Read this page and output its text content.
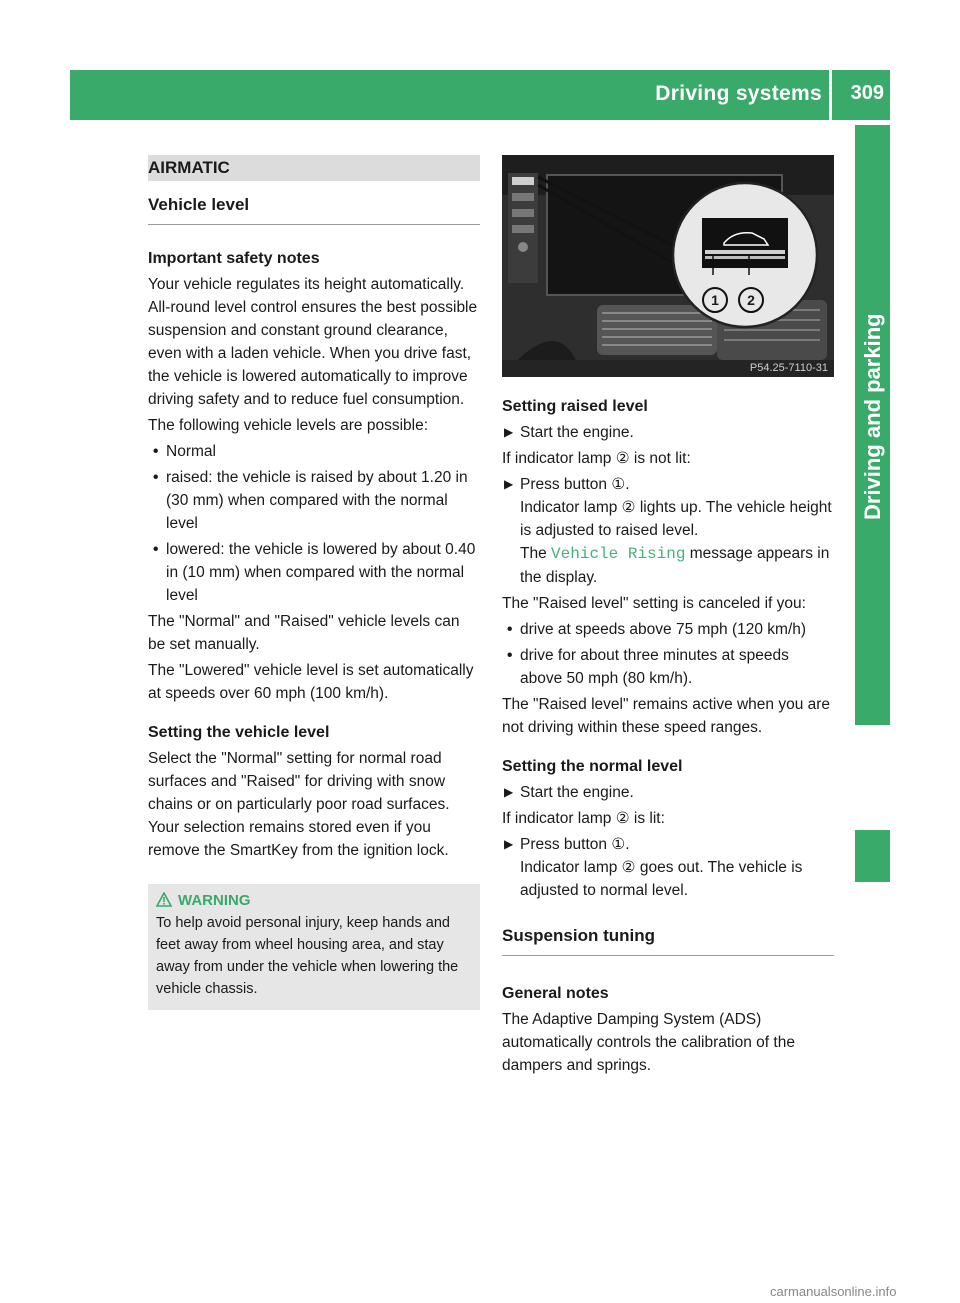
Driving systems 309
Driving and parking
AIRMATIC
Vehicle level
Important safety notes

Your vehicle regulates its height automatically. All-round level control ensures the best possible suspension and constant ground clearance, even with a laden vehicle. When you drive fast, the vehicle is lowered automatically to improve driving safety and to reduce fuel consumption.

The following vehicle levels are possible:

• Normal
• raised: the vehicle is raised by about 1.20 in (30 mm) when compared with the normal level
• lowered: the vehicle is lowered by about 0.40 in (10 mm) when compared with the normal level

The "Normal" and "Raised" vehicle levels can be set manually.

The "Lowered" vehicle level is set automatically at speeds over 60 mph (100 km/h).

Setting the vehicle level

Select the "Normal" setting for normal road surfaces and "Raised" for driving with snow chains or on particularly poor road surfaces. Your selection remains stored even if you remove the SmartKey from the ignition lock.

WARNING
To help avoid personal injury, keep hands and feet away from wheel housing area, and stay away from under the vehicle when lowering the vehicle chassis.
1	2
P54.25-7110-31
Setting raised level
▶ Start the engine.

If indicator lamp ② is not lit:

▶ Press button ①.
Indicator lamp ② lights up. The vehicle height is adjusted to raised level.
The Vehicle Rising message appears in the display.

The "Raised level" setting is canceled if you:

• drive at speeds above 75 mph (120 km/h)
• drive for about three minutes at speeds above 50 mph (80 km/h).

The "Raised level" remains active when you are not driving within these speed ranges.

Setting the normal level
▶ Start the engine.

If indicator lamp ② is lit:

▶ Press button ①.
Indicator lamp ② goes out. The vehicle is adjusted to normal level.
Suspension tuning
General notes

The Adaptive Damping System (ADS) automatically controls the calibration of the dampers and springs.

carmanualsonline.info
